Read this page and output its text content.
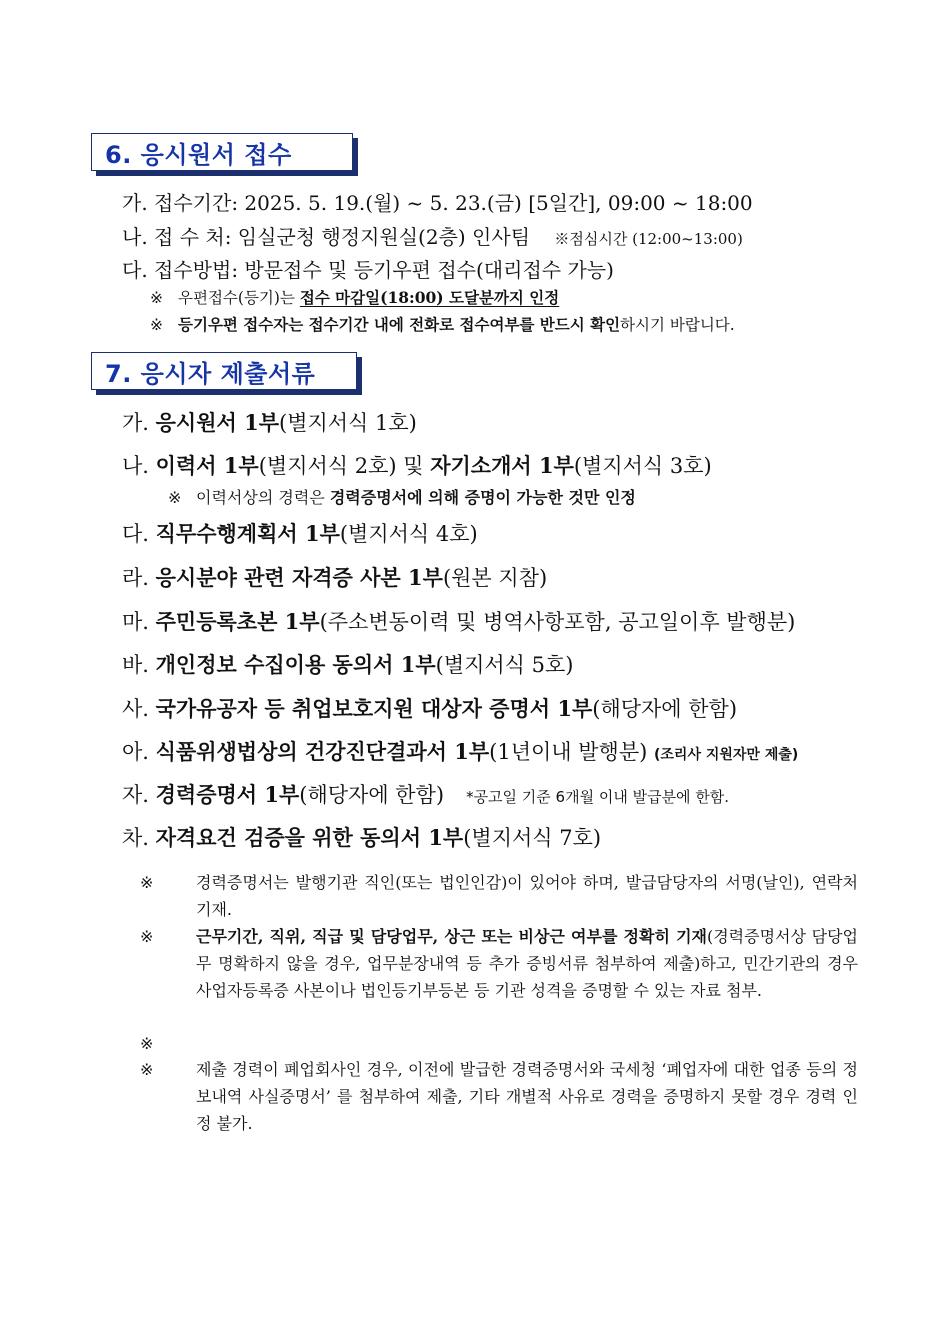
6. 응시원서 접수
가. 접수기간: 2025. 5. 19.(월) ~ 5. 23.(금) [5일간], 09:00 ~ 18:00
나. 접 수 처: 임실군청 행정지원실(2층) 인사팀 ※점심시간 (12:00~13:00)
다. 접수방법: 방문접수 및 등기우편 접수(대리접수 가능)
※ 우편접수(등기)는 접수 마감일(18:00) 도달분까지 인정
※ 등기우편 접수자는 접수기간 내에 전화로 접수여부를 반드시 확인하시기 바랍니다.
7. 응시자 제출서류
가. 응시원서 1부(별지서식 1호)
나. 이력서 1부(별지서식 2호) 및 자기소개서 1부(별지서식 3호)
※ 이력서상의 경력은 경력증명서에 의해 증명이 가능한 것만 인정
다. 직무수행계획서 1부(별지서식 4호)
라. 응시분야 관련 자격증 사본 1부(원본 지참)
마. 주민등록초본 1부(주소변동이력 및 병역사항포함, 공고일이후 발행분)
바. 개인정보 수집이용 동의서 1부(별지서식 5호)
사. 국가유공자 등 취업보호지원 대상자 증명서 1부(해당자에 한함)
아. 식품위생법상의 건강진단결과서 1부(1년이내 발행분) (조리사 지원자만 제출)
자. 경력증명서 1부(해당자에 한함) *공고일 기준 6개월 이내 발급분에 한함.
차. 자격요건 검증을 위한 동의서 1부(별지서식 7호)
※	경력증명서는 발행기관 직인(또는 법인인감)이 있어야 하며, 발급담당자의 서명(날인), 연락처 기재.
※	근무기간, 직위, 직급 및 담당업무, 상근 또는 비상근 여부를 정확히 기재(경력증명서상 담당업무 명확하지 않을 경우, 업무분장내역 등 추가 증빙서류 첨부하여 제출)하고, 민간기관의 경우 사업자등록증 사본이나 법인등기부등본 등 기관 성격을 증명할 수 있는 자료 첨부.
※
※	제출 경력이 폐업회사인 경우, 이전에 발급한 경력증명서와 국세청 ‘폐업자에 대한 업종 등의 정보내역 사실증명서’ 를 첨부하여 제출, 기타 개별적 사유로 경력을 증명하지 못할 경우 경력 인정 불가.
